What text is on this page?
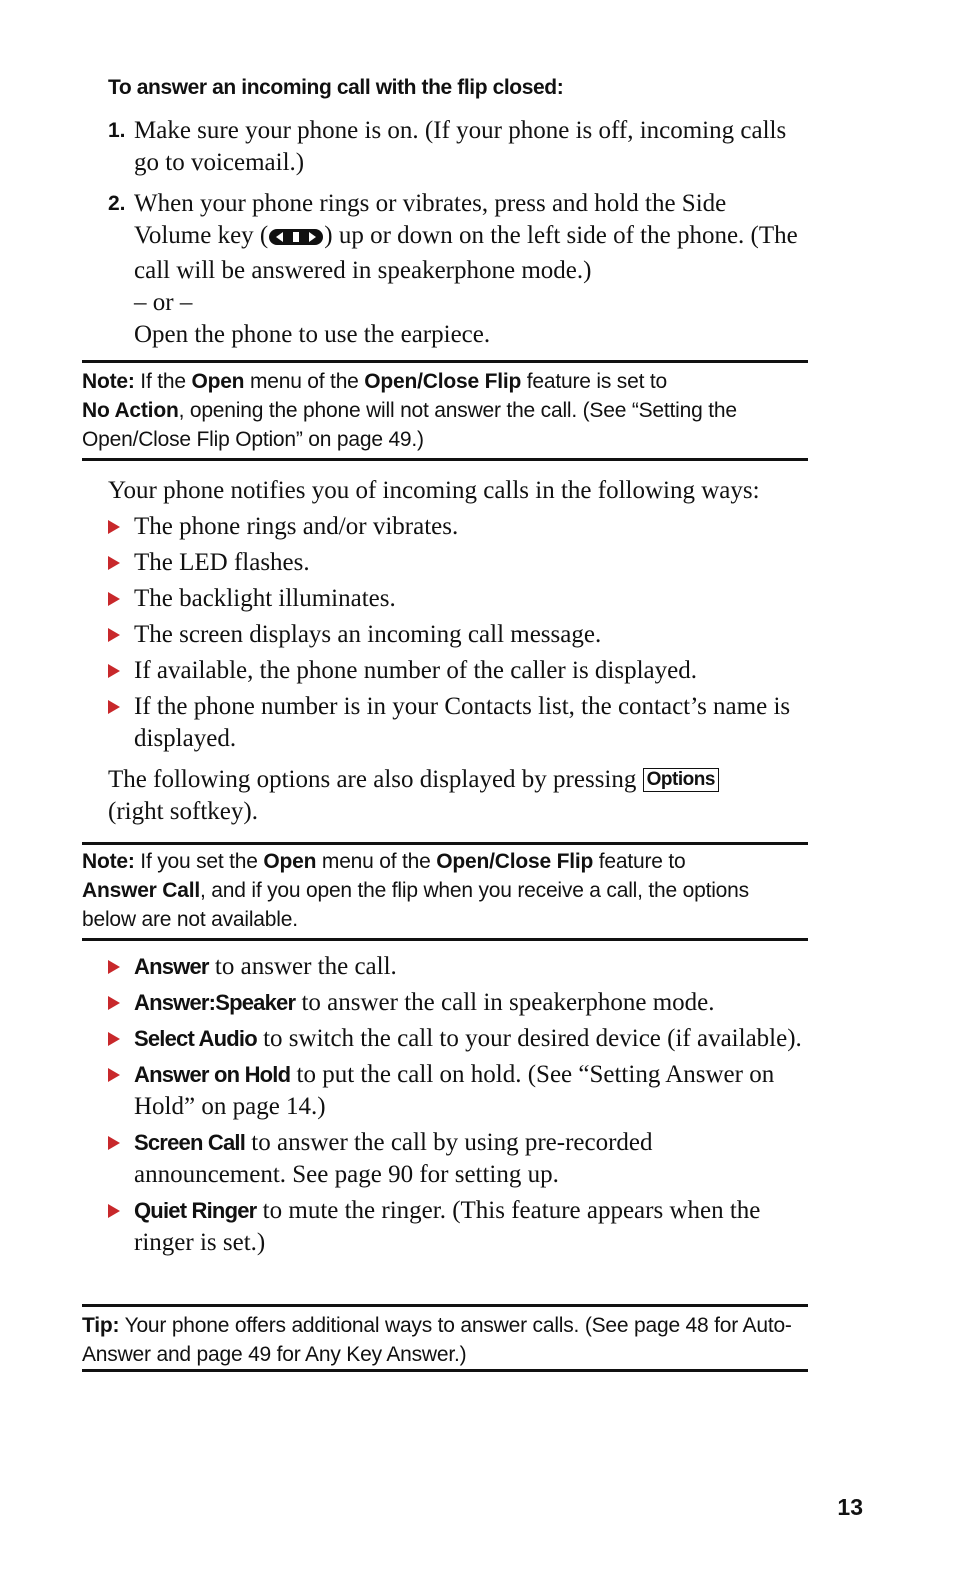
To answer an incoming call with the flip closed:
1. Make sure your phone is on. (If your phone is off, incoming calls go to voicemail.)
2. When your phone rings or vibrates, press and hold the Side Volume key ( ) up or down on the left side of the phone. (The call will be answered in speakerphone mode.)
– or –
Open the phone to use the earpiece.
Note: If the Open menu of the Open/Close Flip feature is set to
No Action, opening the phone will not answer the call. (See “Setting the Open/Close Flip Option” on page 49.)
Your phone notifies you of incoming calls in the following ways:
The phone rings and/or vibrates.
The LED flashes.
The backlight illuminates.
The screen displays an incoming call message.
If available, the phone number of the caller is displayed.
If the phone number is in your Contacts list, the contact’s name is displayed.
The following options are also displayed by pressing Options
(right softkey).
Note: If you set the Open menu of the Open/Close Flip feature to
Answer Call, and if you open the flip when you receive a call, the options below are not available.
Answer to answer the call.
Answer:Speaker to answer the call in speakerphone mode.
Select Audio to switch the call to your desired device (if available).
Answer on Hold to put the call on hold. (See “Setting Answer on Hold” on page 14.)
Screen Call to answer the call by using pre-recorded announcement. See page 90 for setting up.
Quiet Ringer to mute the ringer. (This feature appears when the ringer is set.)
Tip: Your phone offers additional ways to answer calls. (See page 48 for Auto-Answer and page 49 for Any Key Answer.)
13
